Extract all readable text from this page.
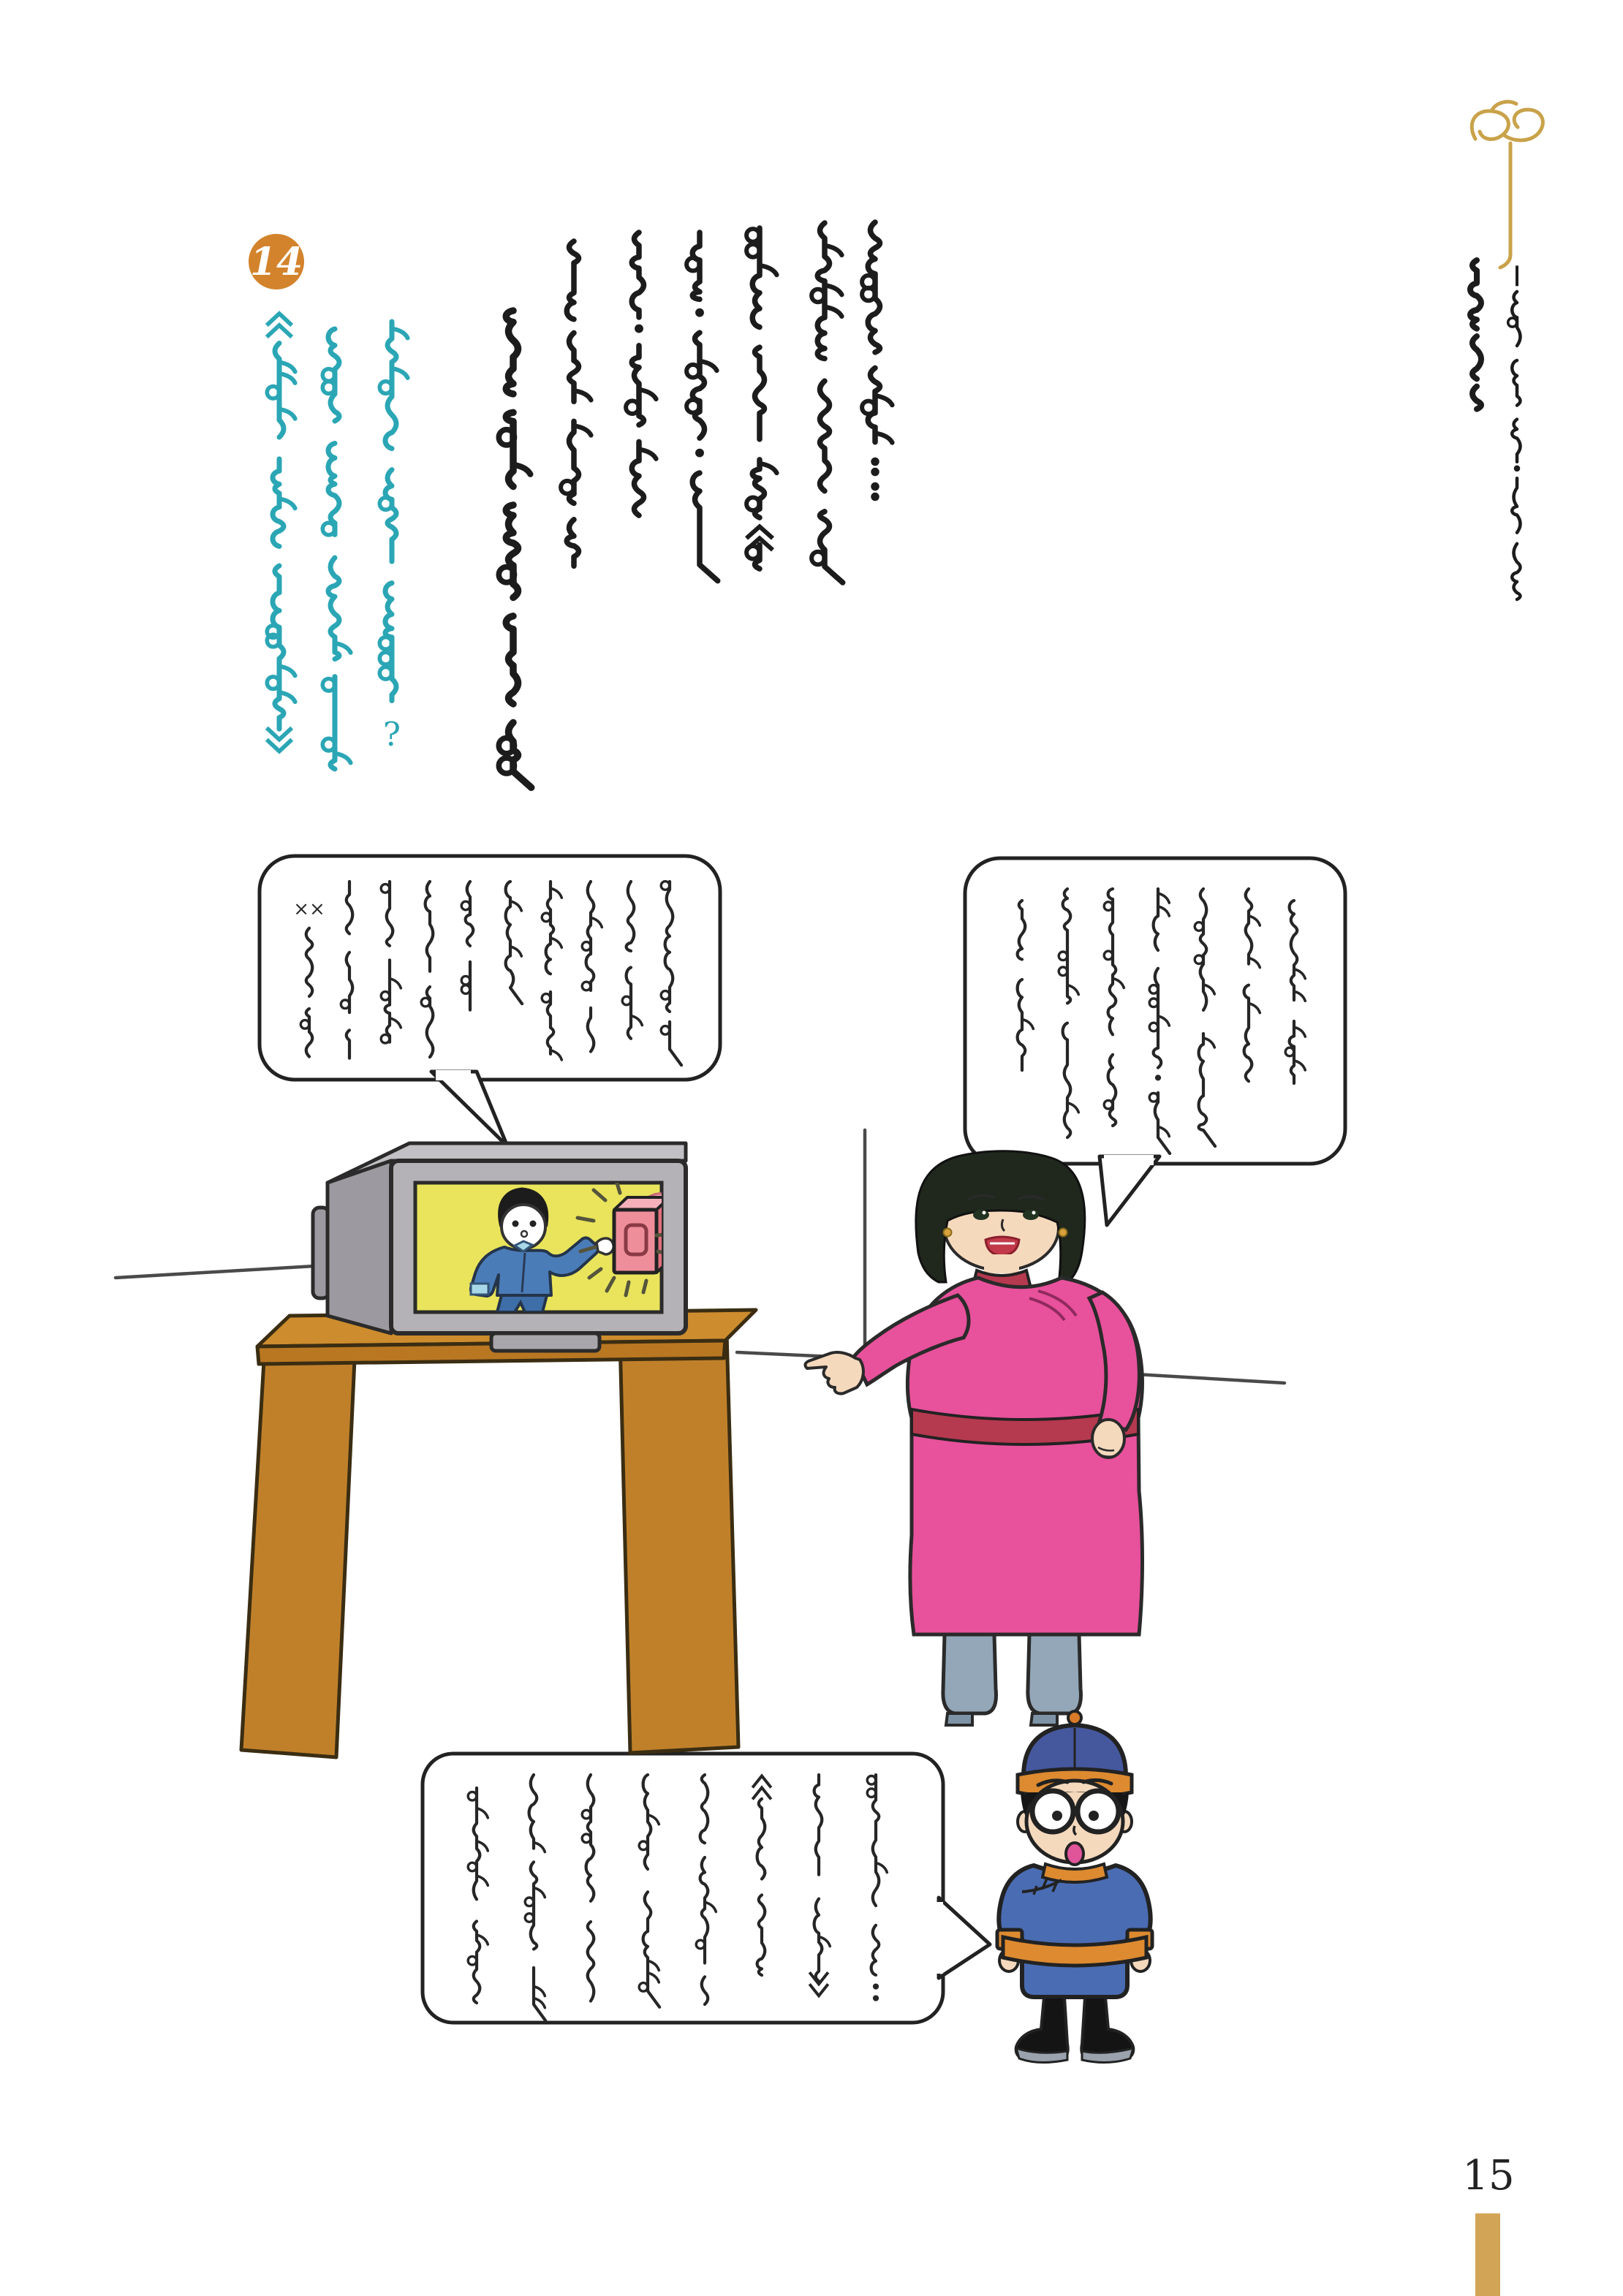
14
?
××
15
